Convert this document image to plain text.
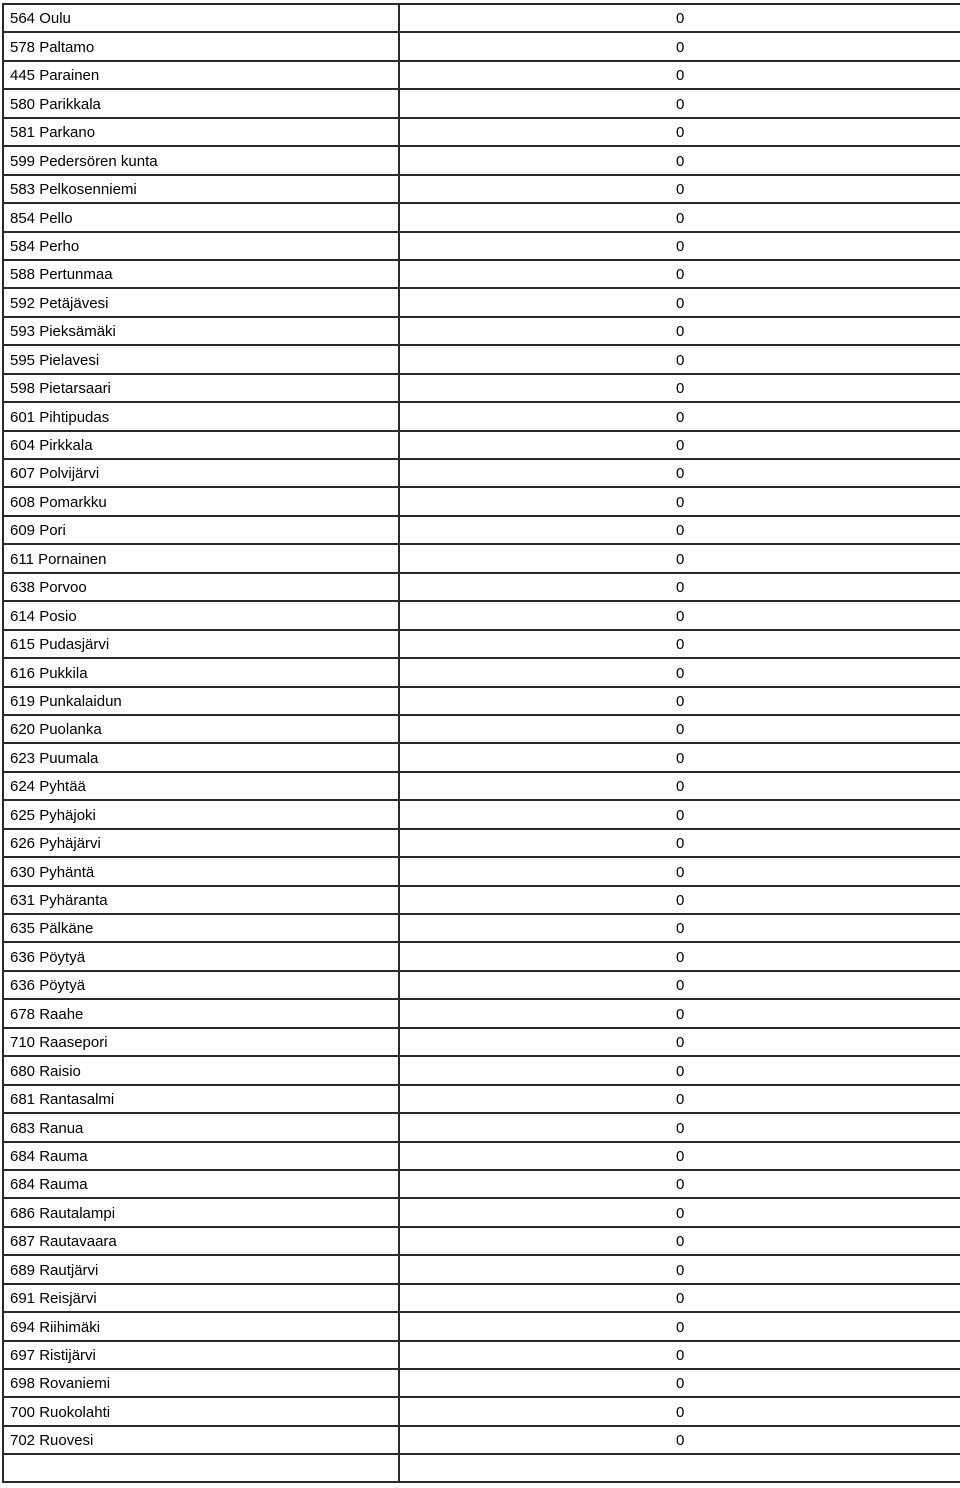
564 Oulu	0
578 Paltamo	0
445 Parainen	0
580 Parikkala	0
581 Parkano	0
599 Pedersören kunta	0
583 Pelkosenniemi	0
854 Pello	0
584 Perho	0
588 Pertunmaa	0
592 Petäjävesi	0
593 Pieksämäki	0
595 Pielavesi	0
598 Pietarsaari	0
601 Pihtipudas	0
604 Pirkkala	0
607 Polvijärvi	0
608 Pomarkku	0
609 Pori	0
611 Pornainen	0
638 Porvoo	0
614 Posio	0
615 Pudasjärvi	0
616 Pukkila	0
619 Punkalaidun	0
620 Puolanka	0
623 Puumala	0
624 Pyhtää	0
625 Pyhäjoki	0
626 Pyhäjärvi	0
630 Pyhäntä	0
631 Pyhäranta	0
635 Pälkäne	0
636 Pöytyä	0
636 Pöytyä	0
678 Raahe	0
710 Raasepori	0
680 Raisio	0
681 Rantasalmi	0
683 Ranua	0
684 Rauma	0
684 Rauma	0
686 Rautalampi	0
687 Rautavaara	0
689 Rautjärvi	0
691 Reisjärvi	0
694 Riihimäki	0
697 Ristijärvi	0
698 Rovaniemi	0
700 Ruokolahti	0
702 Ruovesi	0
